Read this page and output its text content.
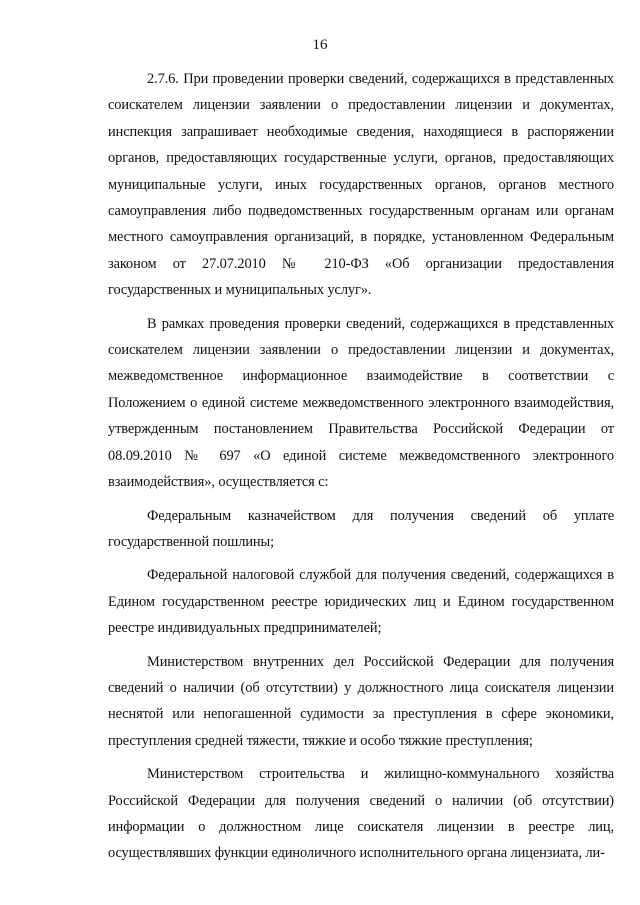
16

2.7.6. При проведении проверки сведений, содержащихся в представленных соискателем лицензии заявлении о предоставлении лицензии и документах, инспекция запрашивает необходимые сведения, находящиеся в распоряжении органов, предоставляющих государственные услуги, органов, предоставляющих муниципальные услуги, иных государственных органов, органов местного самоуправления либо подведомственных государственным органам или органам местного самоуправления организаций, в порядке, установленном Федеральным законом от 27.07.2010 № 210-ФЗ «Об организации предоставления государственных и муниципальных услуг».

В рамках проведения проверки сведений, содержащихся в представленных соискателем лицензии заявлении о предоставлении лицензии и документах, межведомственное информационное взаимодействие в соответствии с Положением о единой системе межведомственного электронного взаимодействия, утвержденным постановлением Правительства Российской Федерации от 08.09.2010 № 697 «О единой системе межведомственного электронного взаимодействия», осуществляется с:

Федеральным казначейством для получения сведений об уплате государственной пошлины;

Федеральной налоговой службой для получения сведений, содержащихся в Едином государственном реестре юридических лиц и Едином государственном реестре индивидуальных предпринимателей;

Министерством внутренних дел Российской Федерации для получения сведений о наличии (об отсутствии) у должностного лица соискателя лицензии неснятой или непогашенной судимости за преступления в сфере экономики, преступления средней тяжести, тяжкие и особо тяжкие преступления;

Министерством строительства и жилищно-коммунального хозяйства Российской Федерации для получения сведений о наличии (об отсутствии) информации о должностном лице соискателя лицензии в реестре лиц, осуществлявших функции единоличного исполнительного органа лицензиата, ли-
